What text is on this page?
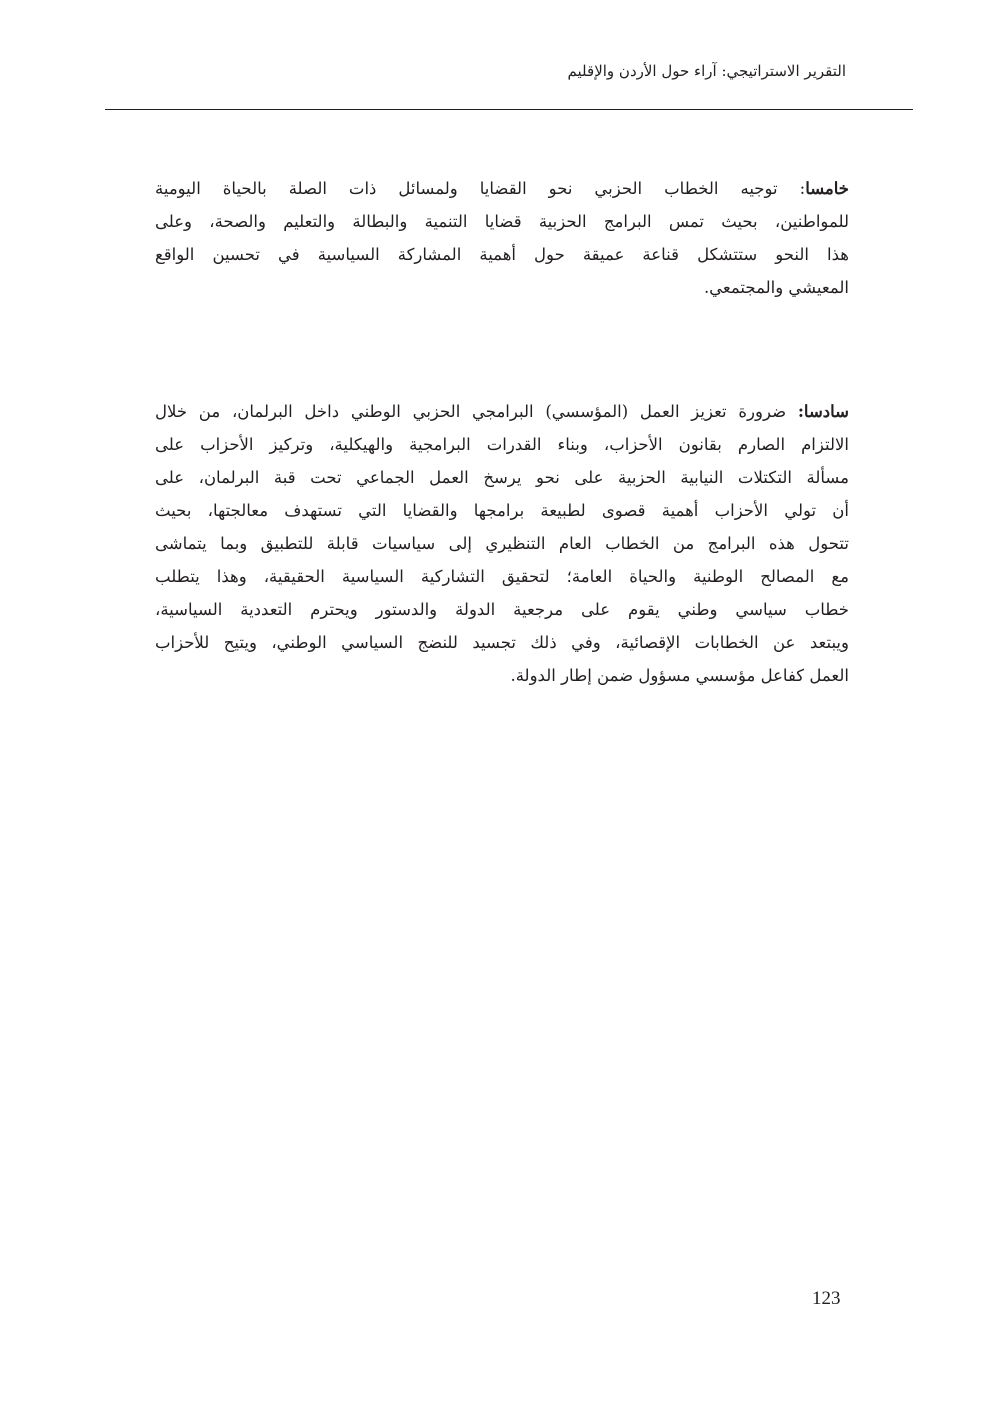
التقرير الاستراتيجي: آراء حول الأردن والإقليم
خامسا: توجيه الخطاب الحزبي نحو القضايا ولمسائل ذات الصلة بالحياة اليومية
للمواطنين، بحيث تمس البرامج الحزبية قضايا التنمية والبطالة والتعليم والصحة، وعلى
هذا النحو ستتشكل قناعة عميقة حول أهمية المشاركة السياسية في تحسين الواقع
المعيشي والمجتمعي.
سادسا: ضرورة تعزيز العمل (المؤسسي) البرامجي الحزبي الوطني داخل البرلمان، من خلال
الالتزام الصارم بقانون الأحزاب، وبناء القدرات البرامجية والهيكلية، وتركيز الأحزاب على
مسألة التكتلات النيابية الحزبية على نحو يرسخ العمل الجماعي تحت قبة البرلمان، على
أن تولي الأحزاب أهمية قصوى لطبيعة برامجها والقضايا التي تستهدف معالجتها، بحيث
تتحول هذه البرامج من الخطاب العام التنظيري إلى سياسيات قابلة للتطبيق وبما يتماشى
مع المصالح الوطنية والحياة العامة؛ لتحقيق التشاركية السياسية الحقيقية، وهذا يتطلب
خطاب سياسي وطني يقوم على مرجعية الدولة والدستور ويحترم التعددية السياسية،
ويبتعد عن الخطابات الإقصائية، وفي ذلك تجسيد للنضج السياسي الوطني، ويتيح للأحزاب
العمل كفاعل مؤسسي مسؤول ضمن إطار الدولة.
123
